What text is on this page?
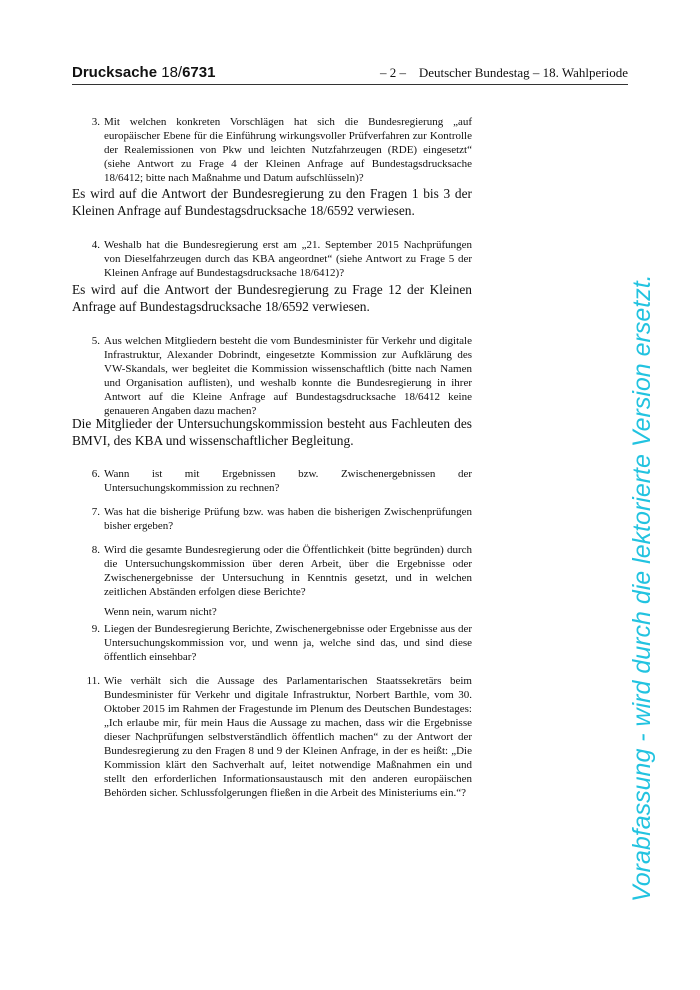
Drucksache 18/6731	– 2 – Deutscher Bundestag – 18. Wahlperiode
3. Mit welchen konkreten Vorschlägen hat sich die Bundesregierung „auf europäischer Ebene für die Einführung wirkungsvoller Prüfverfahren zur Kontrolle der Realemissionen von Pkw und leichten Nutzfahrzeugen (RDE) eingesetzt“ (siehe Antwort zu Frage 4 der Kleinen Anfrage auf Bundestagsdrucksache 18/6412; bitte nach Maßnahme und Datum aufschlüsseln)?
Es wird auf die Antwort der Bundesregierung zu den Fragen 1 bis 3 der Kleinen Anfrage auf Bundestagsdrucksache 18/6592 verwiesen.
4. Weshalb hat die Bundesregierung erst am „21. September 2015 Nachprüfungen von Dieselfahrzeugen durch das KBA angeordnet“ (siehe Antwort zu Frage 5 der Kleinen Anfrage auf Bundestagsdrucksache 18/6412)?
Es wird auf die Antwort der Bundesregierung zu Frage 12 der Kleinen Anfrage auf Bundestagsdrucksache 18/6592 verwiesen.
5. Aus welchen Mitgliedern besteht die vom Bundesminister für Verkehr und digitale Infrastruktur, Alexander Dobrindt, eingesetzte Kommission zur Aufklärung des VW-Skandals, wer begleitet die Kommission wissenschaftlich (bitte nach Namen und Organisation auflisten), und weshalb konnte die Bundesregierung in ihrer Antwort auf die Kleine Anfrage auf Bundestagsdrucksache 18/6412 keine genaueren Angaben dazu machen?
Die Mitglieder der Untersuchungskommission besteht aus Fachleuten des BMVI, des KBA und wissenschaftlicher Begleitung.
6. Wann ist mit Ergebnissen bzw. Zwischenergebnissen der Untersuchungskommission zu rechnen?
7. Was hat die bisherige Prüfung bzw. was haben die bisherigen Zwischenprüfungen bisher ergeben?
8. Wird die gesamte Bundesregierung oder die Öffentlichkeit (bitte begründen) durch die Untersuchungskommission über deren Arbeit, über die Ergebnisse oder Zwischenergebnisse der Untersuchung in Kenntnis gesetzt, und in welchen zeitlichen Abständen erfolgen diese Berichte?
Wenn nein, warum nicht?
9. Liegen der Bundesregierung Berichte, Zwischenergebnisse oder Ergebnisse aus der Untersuchungskommission vor, und wenn ja, welche sind das, und sind diese öffentlich einsehbar?
11. Wie verhält sich die Aussage des Parlamentarischen Staatssekretärs beim Bundesminister für Verkehr und digitale Infrastruktur, Norbert Barthle, vom 30. Oktober 2015 im Rahmen der Fragestunde im Plenum des Deutschen Bundestages: „Ich erlaube mir, für mein Haus die Aussage zu machen, dass wir die Ergebnisse dieser Nachprüfungen selbstverständlich öffentlich machen“ zu der Antwort der Bundesregierung zu den Fragen 8 und 9 der Kleinen Anfrage, in der es heißt: „Die Kommission klärt den Sachverhalt auf, leitet notwendige Maßnahmen ein und stellt den erforderlichen Informationsaustausch mit den anderen europäischen Behörden sicher. Schlussfolgerungen fließen in die Arbeit des Ministeriums ein.“?	Vorabfassung - wird durch die lektorierte Version ersetzt.
